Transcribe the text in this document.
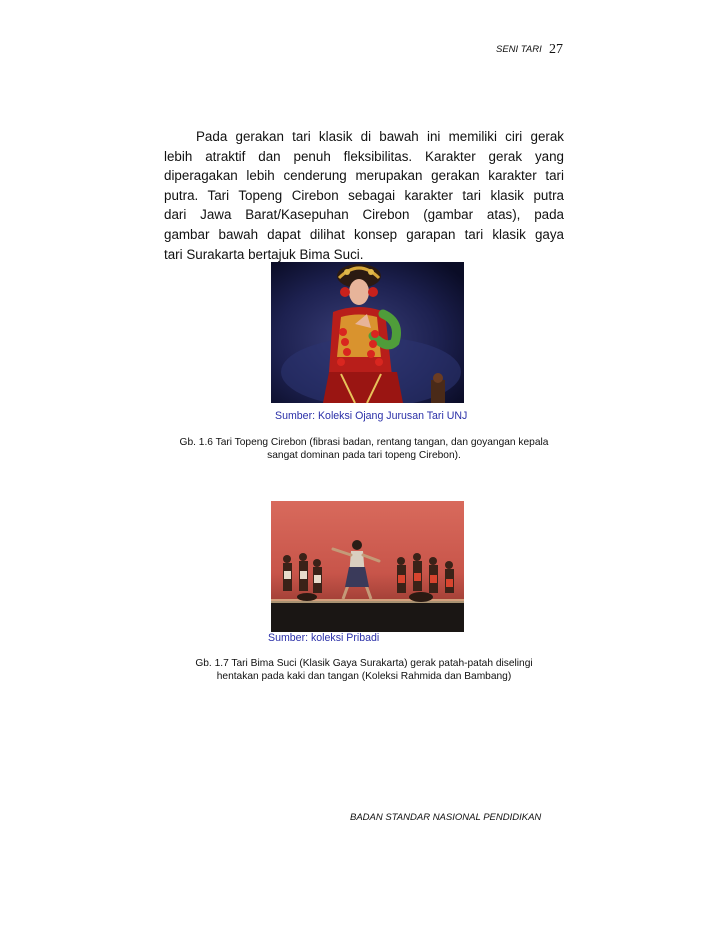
SENI TARI 27
Pada gerakan tari klasik di bawah ini memiliki ciri gerak
lebih atraktif dan penuh fleksibilitas. Karakter gerak yang
diperagakan lebih cenderung merupakan gerakan karakter tari
putra. Tari Topeng Cirebon sebagai karakter tari klasik putra
dari Jawa Barat/Kasepuhan Cirebon (gambar atas), pada
gambar bawah dapat dilihat konsep garapan tari klasik gaya
tari Surakarta bertajuk Bima Suci.
Sumber: Koleksi Ojang Jurusan Tari UNJ
Gb. 1.6 Tari Topeng Cirebon (fibrasi badan, rentang tangan, dan goyangan kepala
sangat dominan pada tari topeng Cirebon).
Sumber: koleksi Pribadi
Gb. 1.7 Tari Bima Suci (Klasik Gaya Surakarta) gerak patah-patah diselingi
hentakan pada kaki dan tangan (Koleksi Rahmida dan Bambang)
BADAN STANDAR NASIONAL PENDIDIKAN
